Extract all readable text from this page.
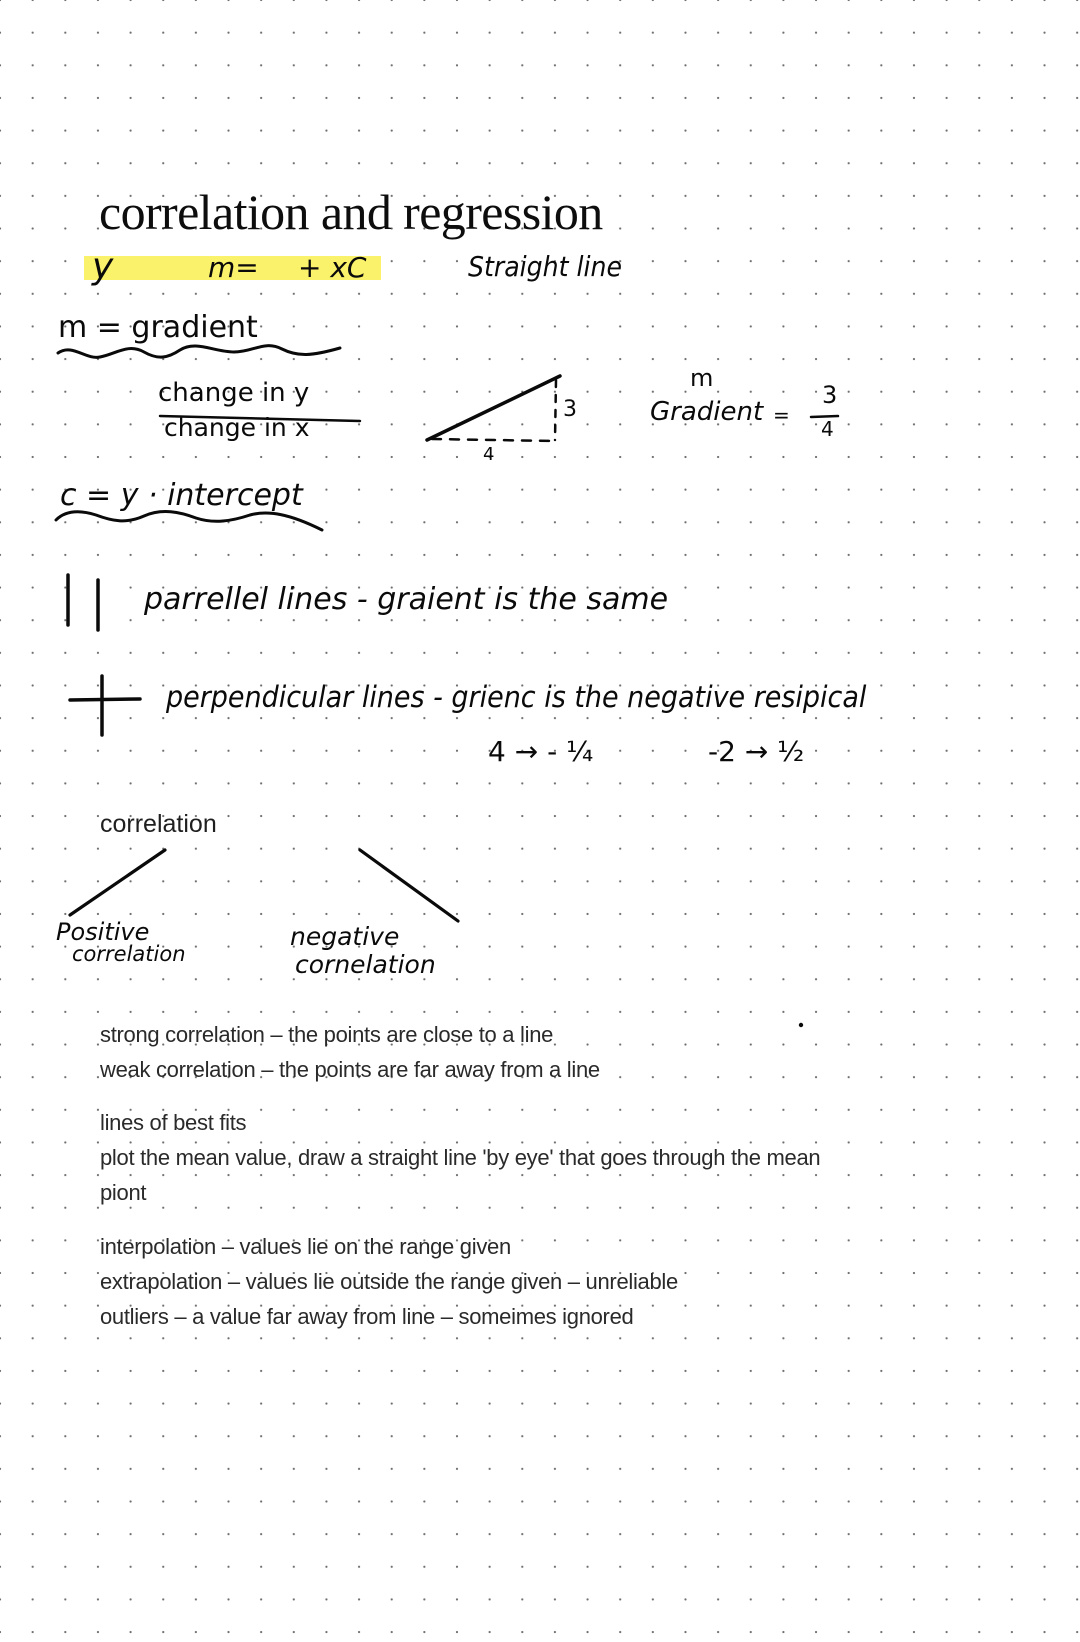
correlation and regression
y	m= + xC	Straight line
m = gradient
change in y
change in x
3
4
m
Gradient =
3
4
c = y · intercept
parrellel lines - graient is the same
perpendicular lines - grienc is the negative resipical
4 → - ¼	-2 → ½
correlation
Positive
correlation
negative
cornelation
strong correlation – the points are close to a line
weak correlation – the points are far away from a line
lines of best fits
plot the mean value, draw a straight line 'by eye' that goes through the mean
piont
interpolation – values lie on the range given
extrapolation – values lie outside the range given – unreliable
outliers – a value far away from line – someimes ignored
